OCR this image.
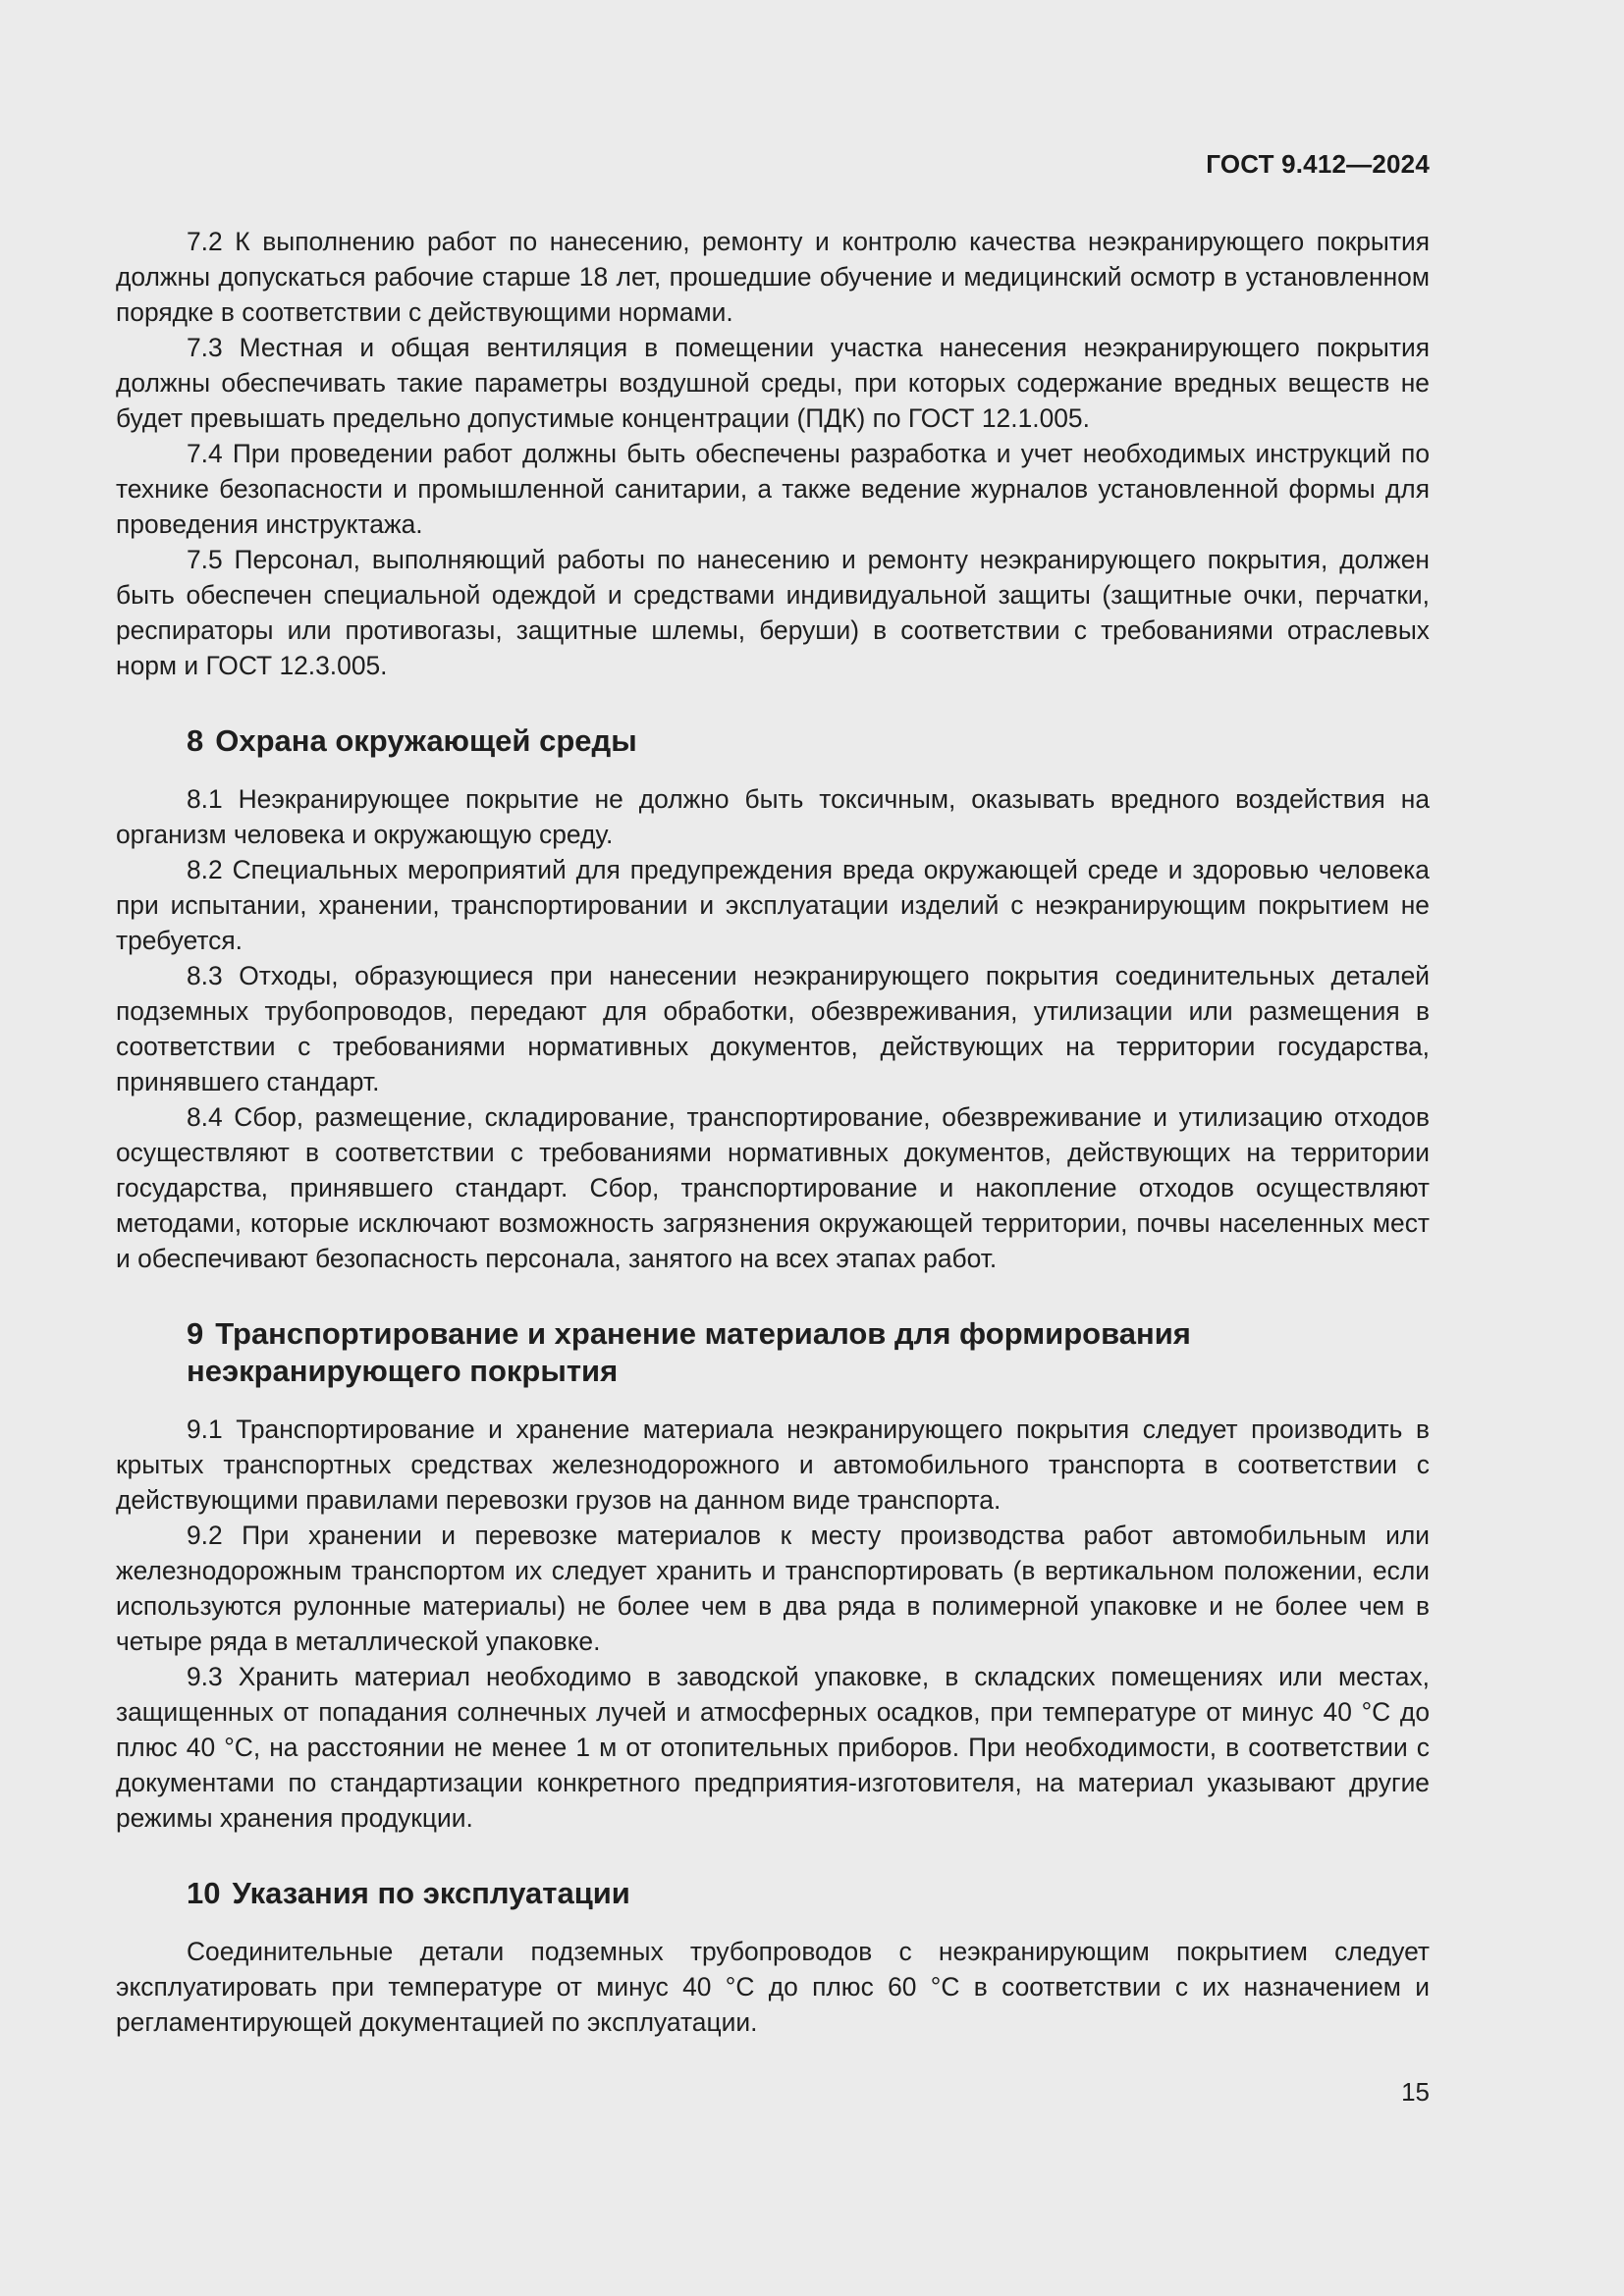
ГОСТ 9.412—2024

7.2 К выполнению работ по нанесению, ремонту и контролю качества неэкранирующего покрытия должны допускаться рабочие старше 18 лет, прошедшие обучение и медицинский осмотр в установленном порядке в соответствии с действующими нормами.

7.3 Местная и общая вентиляция в помещении участка нанесения неэкранирующего покрытия должны обеспечивать такие параметры воздушной среды, при которых содержание вредных веществ не будет превышать предельно допустимые концентрации (ПДК) по ГОСТ 12.1.005.

7.4 При проведении работ должны быть обеспечены разработка и учет необходимых инструкций по технике безопасности и промышленной санитарии, а также ведение журналов установленной формы для проведения инструктажа.

7.5 Персонал, выполняющий работы по нанесению и ремонту неэкранирующего покрытия, должен быть обеспечен специальной одеждой и средствами индивидуальной защиты (защитные очки, перчатки, респираторы или противогазы, защитные шлемы, беруши) в соответствии с требованиями отраслевых норм и ГОСТ 12.3.005.

8 Охрана окружающей среды

8.1 Неэкранирующее покрытие не должно быть токсичным, оказывать вредного воздействия на организм человека и окружающую среду.

8.2 Специальных мероприятий для предупреждения вреда окружающей среде и здоровью человека при испытании, хранении, транспортировании и эксплуатации изделий с неэкранирующим покрытием не требуется.

8.3 Отходы, образующиеся при нанесении неэкранирующего покрытия соединительных деталей подземных трубопроводов, передают для обработки, обезвреживания, утилизации или размещения в соответствии с требованиями нормативных документов, действующих на территории государства, принявшего стандарт.

8.4 Сбор, размещение, складирование, транспортирование, обезвреживание и утилизацию отходов осуществляют в соответствии с требованиями нормативных документов, действующих на территории государства, принявшего стандарт. Сбор, транспортирование и накопление отходов осуществляют методами, которые исключают возможность загрязнения окружающей территории, почвы населенных мест и обеспечивают безопасность персонала, занятого на всех этапах работ.

9 Транспортирование и хранение материалов для формирования

неэкранирующего покрытия

9.1 Транспортирование и хранение материала неэкранирующего покрытия следует производить в крытых транспортных средствах железнодорожного и автомобильного транспорта в соответствии с действующими правилами перевозки грузов на данном виде транспорта.

9.2 При хранении и перевозке материалов к месту производства работ автомобильным или железнодорожным транспортом их следует хранить и транспортировать (в вертикальном положении, если используются рулонные материалы) не более чем в два ряда в полимерной упаковке и не более чем в четыре ряда в металлической упаковке.

9.3 Хранить материал необходимо в заводской упаковке, в складских помещениях или местах, защищенных от попадания солнечных лучей и атмосферных осадков, при температуре от минус 40 °С до плюс 40 °С, на расстоянии не менее 1 м от отопительных приборов. При необходимости, в соответствии с документами по стандартизации конкретного предприятия-изготовителя, на материал указывают другие режимы хранения продукции.

10 Указания по эксплуатации

Соединительные детали подземных трубопроводов с неэкранирующим покрытием следует эксплуатировать при температуре от минус 40 °С до плюс 60 °С в соответствии с их назначением и регламентирующей документацией по эксплуатации.

15
